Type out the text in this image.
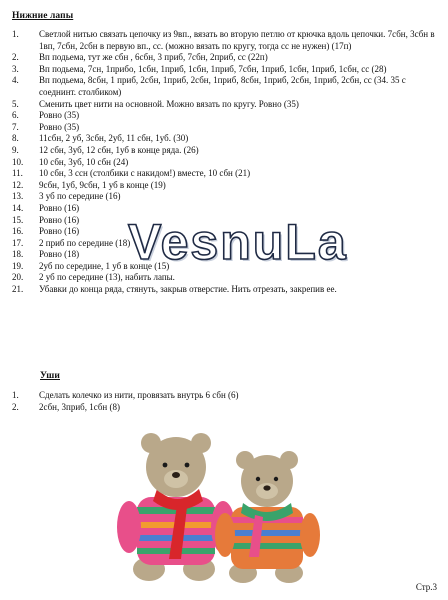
Нижние лапы
1.	Светлой нитью связать цепочку из 9вп., вязать во вторую петлю от крючка вдоль цепочки. 7сбн, 3сбн в 1вп, 7сбн, 2сбн в первую вп., сс. (можно вязать по кругу, тогда сс не нужен) (17п)
2.	Вп подьема, тут же сбн , 6сбн, 3 приб, 7сбн, 2приб, сс (22п)
3.	Вп подьема, 7сн, 1прибо, 1сбн, 1приб, 1сбн, 1приб, 7сбн, 1приб, 1сбн, 1приб, 1сбн, сс (28)
4.	Вп подьема, 8сбн, 1 приб, 2сбн, 1приб, 2сбн, 1приб, 8сбн, 1приб, 2сбн, 1приб, 2сбн, сс (34. 35 с соеднинт. столбиком)
5.	Сменить цвет нити на основной. Можно вязать по кругу. Ровно (35)
6.	Ровно (35)
7.	Ровно (35)
8.	11сбн, 2 уб, 3сбн, 2уб, 11 сбн, 1уб. (30)
9.	12 сбн, 3уб, 12 сбн, 1уб в конце ряда. (26)
10.	10 сбн, 3уб, 10 сбн (24)
11.	10 сбн, 3 ссн (столбики с накидом!) вместе, 10 сбн (21)
12.	9сбн, 1уб, 9сбн, 1 уб в конце (19)
13.	3 уб по середине (16)
14.	Ровно (16)
15.	Ровно (16)
16.	Ровно (16)
17.	2 приб по середине (18)
18.	Ровно (18)
19.	2уб по середине, 1 уб в конце (15)
20.	2 уб по середине (13), набить лапы.
21.	Убавки до конца ряда, стянуть, закрыв отверстие. Нить отрезать, закрепив ее.
Уши
1.	Сделать колечко из нити, провязать внутрь 6 сбн (6)
2.	2сбн, 3приб, 1сбн (8)
VesnuLa
Стр.3
